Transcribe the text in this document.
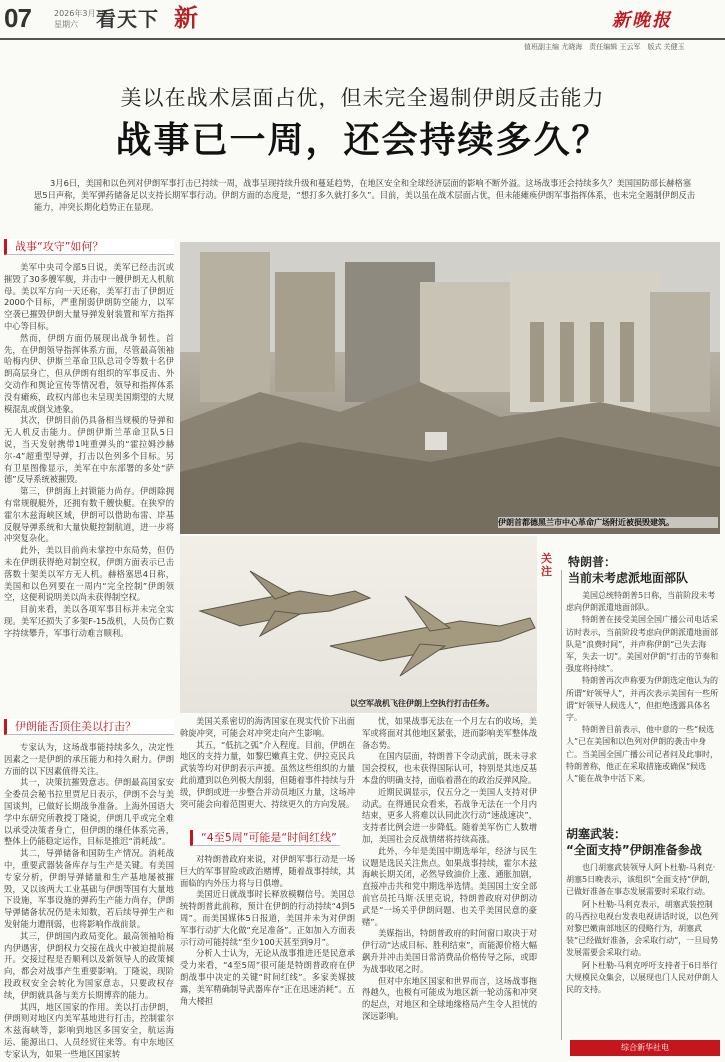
07	2026年3月7日
星期六 看天下 新	新晚报
值班副主编 尤晓海　责任编辑 王云军　版式 关健玉
美以在战术层面占优，但未完全遏制伊朗反击能力
战事已一周，还会持续多久？
3月6日，美国和以色列对伊朗军事打击已持续一周，战事呈现持续升级和蔓延趋势，在地区安全和全球经济层面的影响不断外溢。这场战事还会持续多久？美国国防部长赫格塞思5日声称，美军弹药储备足以支持长期军事行动。伊朗方面的态度是，“想打多久就打多久”。目前，美以虽在战术层面占优，但未能瘫痪伊朗军事指挥体系，也未完全遏制伊朗反击能力，冲突长期化趋势正在显现。
战事“攻守”如何？

美军中央司令部5日说，美军已经击沉或摧毁了30多艘军舰，并击中一艘伊朗无人机航母。美以军方向一天还称，美军打击了伊朗近2000个目标，严重削弱伊朗防空能力，以军空袭已摧毁伊朗大量导弹发射装置和军方指挥中心等目标。

然而，伊朗方面仍展现出战争韧性。首先，在伊朗领导指挥体系方面，尽管最高领袖哈梅内伊、伊斯兰革命卫队总司令等数十名伊朗高层身亡，但从伊朗有组织的军事反击、外交动作和舆论宣传等情况看，领导和指挥体系没有瘫痪，政权内部也未呈现美国期望的大规模混乱或倒戈迹象。

其次，伊朗目前仍具备相当规模的导弹和无人机反击能力。伊朗伊斯兰革命卫队5日说，当天发射携带1吨重弹头的“霍拉姆沙赫尔-4”超重型导弹，打击以色列多个目标。另有卫星图像显示，美军在中东部署的多处“萨德”反导系统被摧毁。

第三，伊朗海上封锁能力尚存。伊朗除拥有常规舰艇外，还拥有数千艘快艇。在狭窄的霍尔木兹海峡区域，伊朗可以借助布雷、岸基反舰导弹系统和大量快艇控制航道，进一步将冲突复杂化。

此外，美以目前尚未掌控中东局势，但仍未在伊朗获得绝对制空权，伊朗方面表示已击落数十架美以军方无人机。赫格塞思4日称，美国和以色列要在一周内“完全控制”伊朗领空，这便利说明美以尚未获得制空权。

目前来看，美以各项军事目标并未完全实现。美军还损失了多架F-15战机，人员伤亡数字持续攀升，军事行动难言顺利。

伊朗首都德黑兰市中心革命广场附近被损毁建筑。
以空军战机飞往伊朗上空执行打击任务。
伊朗能否顶住美以打击？

专家认为，这场战事能持续多久，决定性因素之一是伊朗的承压能力和持久耐力。伊朗方面的以下因素值得关注。

其一，决策抗摧毁意志。伊朗最高国家安全委员会秘书拉里贾尼日表示，伊朗不会与美国谈判，已做好长期战争准备。上海外国语大学中东研究所教授丁隆说，伊朗几乎或完全难以承受决策者身亡，但伊朗的继任体系完善，整体上仍能稳定运作，目标是推迟“消耗战”。

其二，导弹储备和国防生产情况。消耗战中，重要武器装备库存与生产是关键。有美国专家分析，伊朗导弹储量和生产基地屡被摧毁，又以该两大工业基础与伊朗等国有大量地下设施，军事设施的弹药生产能力尚存，伊朗导弹储备状况仍是未知数，若后续导弹生产和发射能力遭削弱，也将影响作战前景。

其三，伊朗国内政局变化。最高领袖哈梅内伊遇害，伊朗权力交接在战火中被迫提前展开。交接过程是否顺利以及新领导人的政策倾向，都会对战事产生重要影响。丁隆说，现阶段政权安全会转化为国家意志，只要政权存续，伊朗就具备与美方长期博弈的能力。

其四，地区国家的作用。美以打击伊朗，伊朗则对地区内美军基地进行打击，控制霍尔木兹海峡等，影响到地区多国安全，航运海运、能源出口、人员经贸往来等。有中东地区专家认为，如果一些地区国家转

美国关系密切的海湾国家在现实代价下出面斡旋冲突，可能会对冲突走向产生影响。

其五，“低抗之弧”介入程度。目前，伊朗在地区的支持力量，如黎巴嫩真主党、伊拉克民兵武装等均对伊朗表示声援。虽然这些组织的力量此前遭到以色列极大削弱，但随着事件持续与升级，伊朗或进一步整合并动员地区力量，这场冲突可能会向着范围更大、持续更久的方向发展。

“4至5周”可能是“时间红线”

对特朗普政府来说，对伊朗军事行动是一场巨大的军事冒险或政治赌博，随着战事持续，其面临的内外压力将与日俱增。

美国近日就战事时长释放模糊信号。美国总统特朗普此前称，预计在伊朗的行动持续“4到5周”。而美国媒体5日报道，美国并未为对伊朗军事行动扩大化做“充足准备”。正如加入方面表示行动可能持续“至少100天甚至到9月”。

分析人士认为，无论从战事推进还是民意承受力来看，“4至5周”很可能是特朗普政府在伊朗战事中决定的关键“时间红线”。多家美媒披露，美军精确制导武器库存“正在迅速消耗”。五角大楼担

忧，如果战事无法在一个月左右的收场，美军或将面对其他地区紧张，进而影响美军整体战备态势。

在国内层面，特朗普下令动武前，既未寻求国会授权，也未获得国际认可，特别是其违反基本盘的明确支持，面临着潜在的政治反弹风险。

近期民调显示，仅五分之一美国人支持对伊动武。在得通民众看来，若战争无法在一个月内结束，更多人将难以认同此次行动“速战速决”，支持者比例会进一步降低。随着美军伤亡人数增加，美国社会反战情绪将持续高涨。

此外，今年是美国中期选举年，经济与民生议题是选民关注焦点。如果战事持续，霍尔木兹海峡长期关闭，必然导致油价上涨、通胀加剧，直接冲击共和党中期选举选情。美国国土安全部前官员托马斯·沃里克说，特朗普政府对伊朗动武是“一场关乎伊朗问题、也关乎美国民意的豪赌”。

美媒指出，特朗普政府的时间窗口取决于对伊行动“达成目标、胜利结束”，而能源价格大幅飙升并冲击美国日常消费品价格传导之际，或即为战事收尾之时。

但对中东地区国家和世界而言，这场战事拖得越久，也极有可能成为地区新一轮动荡和冲突的起点，对地区和全球地缘格局产生令人担忧的深远影响。

关注
特朗普：
当前未考虑派地面部队

美国总统特朗普5日称，当前阶段未考虑向伊朗派遣地面部队。

特朗普在接受美国全国广播公司电话采访时表示，当前阶段考虑向伊朗派遣地面部队是“浪费时间”，并声称伊朗“已失去海军，失去一切”。美国对伊朗“打击的节奏和强度将持续”。

特朗普再次声称要为伊朗选定他认为的所谓“好领导人”，并再次表示美国有一些所谓“好领导人候选人”，但拒绝透露具体名字。

特朗普目前表示，他中意的一些“候选人”已在美国和以色列对伊朗的袭击中身亡。当美国全国广播公司记者问及此事时，特朗普称，他正在采取措施或确保“候选人”能在战争中活下来。

胡塞武装：
“全面支持”伊朗准备参战

也门胡塞武装领导人阿卜杜勒-马利克·胡塞5日晚表示，该组织“全面支持”伊朗，已做好准备在事态发展需要时采取行动。

阿卜杜勒-马利克表示，胡塞武装控制的马西拉电视台发表电视讲话时说，以色列对黎巴嫩南部地区的侵略行为，胡塞武装“已经做好准备，会采取行动”，一旦局势发展需要会采取行动。

阿卜杜勒-马利克呼吁支持者于6日举行大规模民众集会，以展现也门人民对伊朗人民的支持。

综合新华社电
